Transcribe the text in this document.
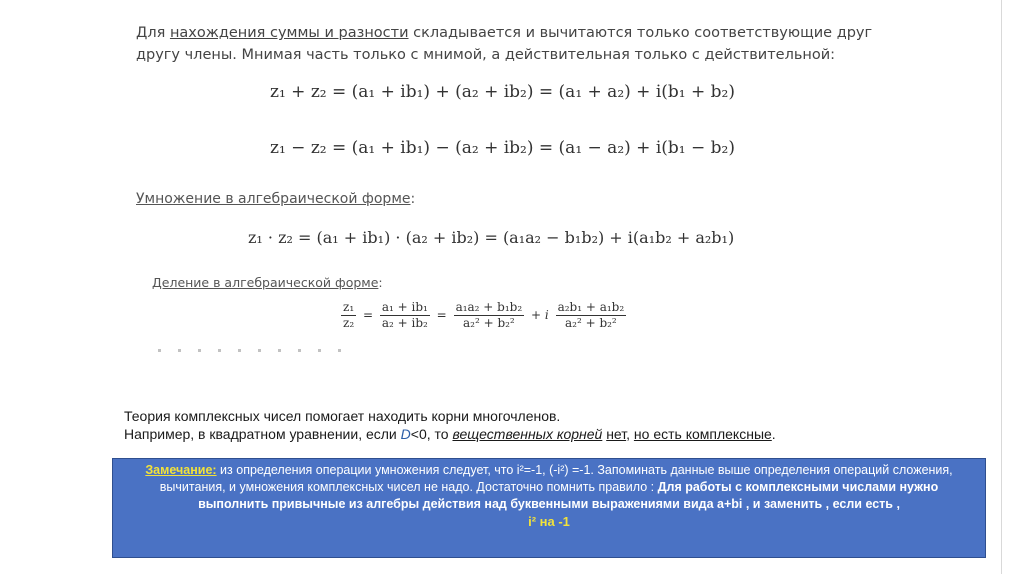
Для нахождения суммы и разности складывается и вычитаются только соответствующие друг другу члены. Мнимая часть только с мнимой, а действительная только с действительной:
z₁ + z₂ = (a₁ + ib₁) + (a₂ + ib₂) = (a₁ + a₂) + i(b₁ + b₂)
z₁ − z₂ = (a₁ + ib₁) − (a₂ + ib₂) = (a₁ − a₂) + i(b₁ − b₂)
Умножение в алгебраической форме:
z₁ · z₂ = (a₁ + ib₁) · (a₂ + ib₂) = (a₁a₂ − b₁b₂) + i(a₁b₂ + a₂b₁)
Деление в алгебраической форме:
$\frac{\text{z₁}}{\text{z₂}} = \frac{\text{a₁ + ib₁}}{\text{a₂ + ib₂}} = \frac{\text{a₁a₂ + b₁b₂}}{\text{a₂² + b₂²}} + i \frac{\text{a₂b₁ + a₁b₂}}{\text{a₂² + b₂²}}$
Теория комплексных чисел помогает находить корни многочленов.
Например, в квадратном уравнении, если D<0, то вещественных корней нет, но есть комплексные.
Замечание: из определения операции умножения следует, что i²=-1, (-i²) =-1. Запоминать данные выше определения операций сложения, вычитания, и умножения комплексных чисел не надо. Достаточно помнить правило : Для работы с комплексными числами нужно выполнить привычные из алгебры действия над буквенными выражениями вида a+bi , и заменить , если есть ,
i² на -1
